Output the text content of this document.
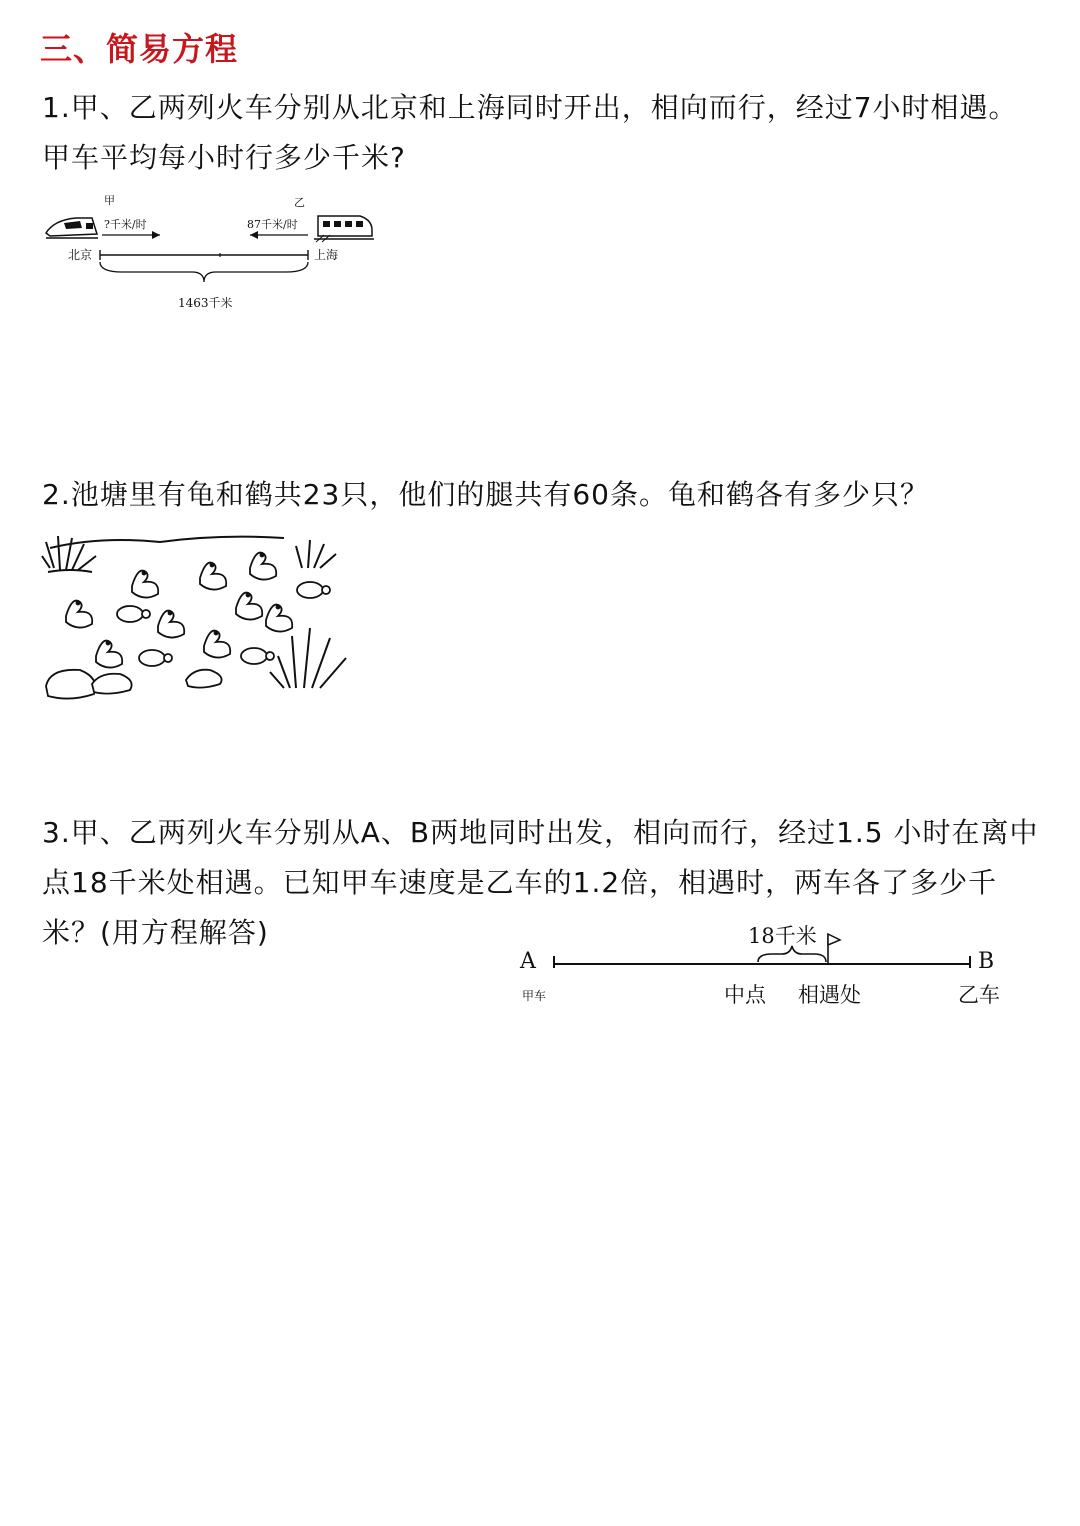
三、简易方程

1.甲、乙两列火车分别从北京和上海同时开出，相向而行，经过7小时相遇。 甲车平均每小时行多少千米?

甲	乙
?千米/时	87千米/时
北京	上海
1463千米

2.池塘里有龟和鹤共23只，他们的腿共有60条。龟和鹤各有多少只？

3.甲、乙两列火车分别从A、B两地同时出发，相向而行，经过1.5 小时在离中点18千米处相遇。已知甲车速度是乙车的1.2倍，相遇时，两车各了多少千米？(用方程解答)

A	B
18千米
甲车	中点 相遇处	乙车
